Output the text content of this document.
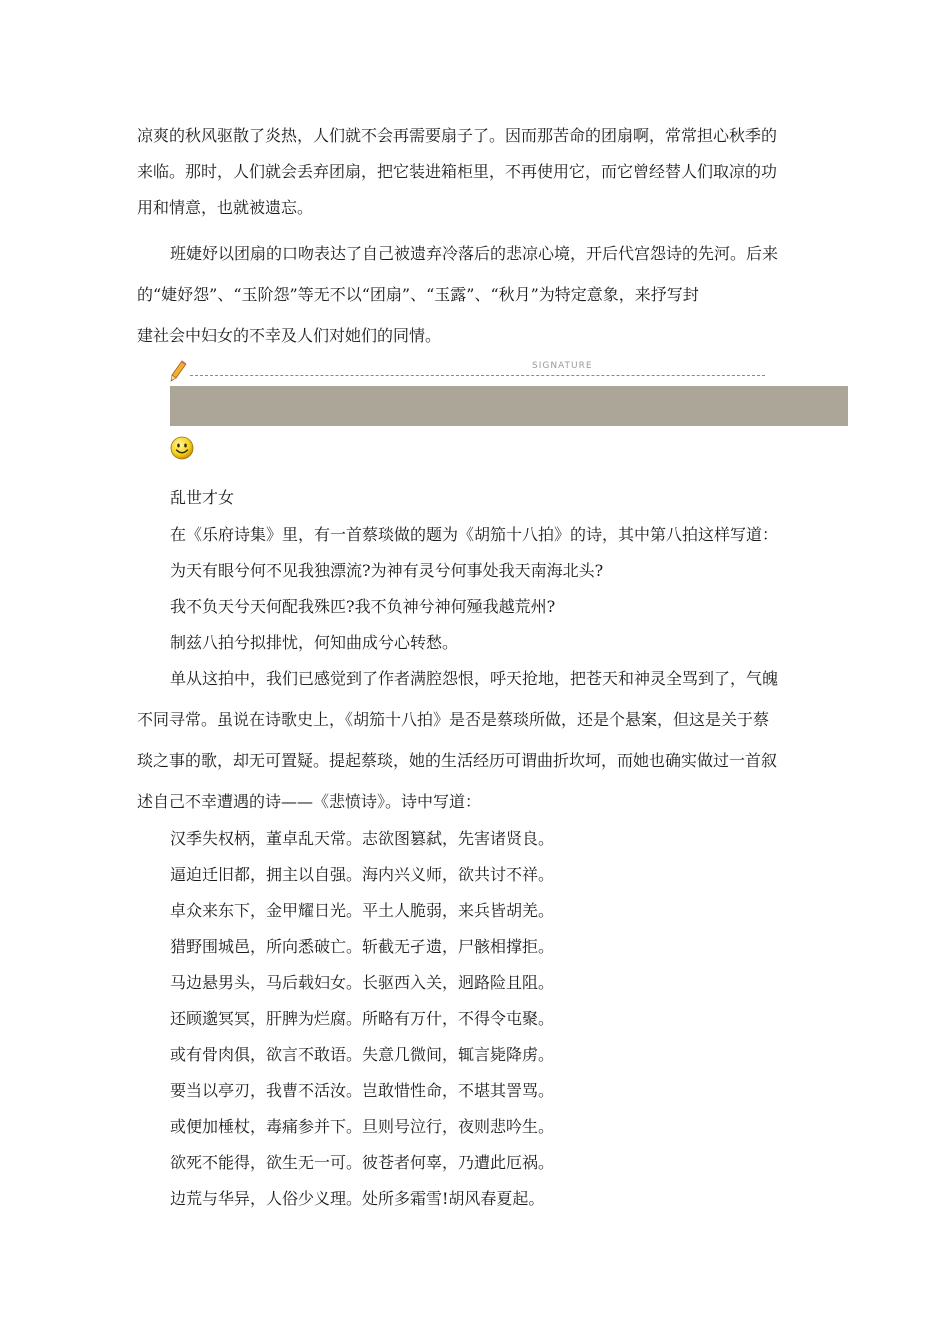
凉爽的秋风驱散了炎热，人们就不会再需要扇子了。因而那苦命的团扇啊，常常担心秋季的
来临。那时，人们就会丢弃团扇，把它装进箱柜里，不再使用它，而它曾经替人们取凉的功
用和情意，也就被遗忘。
班婕妤以团扇的口吻表达了自己被遗弃冷落后的悲凉心境，开后代宫怨诗的先河。后来
的“婕妤怨”、“玉阶怨”等无不以“团扇”、“玉露”、“秋月”为特定意象，来抒写封
建社会中妇女的不幸及人们对她们的同情。
SIGNATURE
乱世才女
在《乐府诗集》里，有一首蔡琰做的题为《胡笳十八拍》的诗，其中第八拍这样写道：
为天有眼兮何不见我独漂流?为神有灵兮何事处我天南海北头?
我不负天兮天何配我殊匹?我不负神兮神何殛我越荒州?
制兹八拍兮拟排忧，何知曲成兮心转愁。
单从这拍中，我们已感觉到了作者满腔怨恨，呼天抢地，把苍天和神灵全骂到了，气魄
不同寻常。虽说在诗歌史上，《胡笳十八拍》是否是蔡琰所做，还是个悬案，但这是关于蔡
琰之事的歌，却无可置疑。提起蔡琰，她的生活经历可谓曲折坎坷，而她也确实做过一首叙
述自己不幸遭遇的诗——《悲愤诗》。诗中写道：
汉季失权柄，董卓乱天常。志欲图篡弑，先害诸贤良。
逼迫迁旧都，拥主以自强。海内兴义师，欲共讨不祥。
卓众来东下，金甲耀日光。平土人脆弱，来兵皆胡羌。
猎野围城邑，所向悉破亡。斩截无孑遗，尸骸相撑拒。
马边悬男头，马后载妇女。长驱西入关，迥路险且阻。
还顾邈冥冥，肝脾为烂腐。所略有万什，不得令屯聚。
或有骨肉俱，欲言不敢语。失意几微间，辄言毙降虏。
要当以亭刃，我曹不活汝。岂敢惜性命，不堪其詈骂。
或便加棰杖，毒痛参并下。旦则号泣行，夜则悲吟生。
欲死不能得，欲生无一可。彼苍者何辜，乃遭此厄祸。
边荒与华异，人俗少义理。处所多霜雪!胡风春夏起。
